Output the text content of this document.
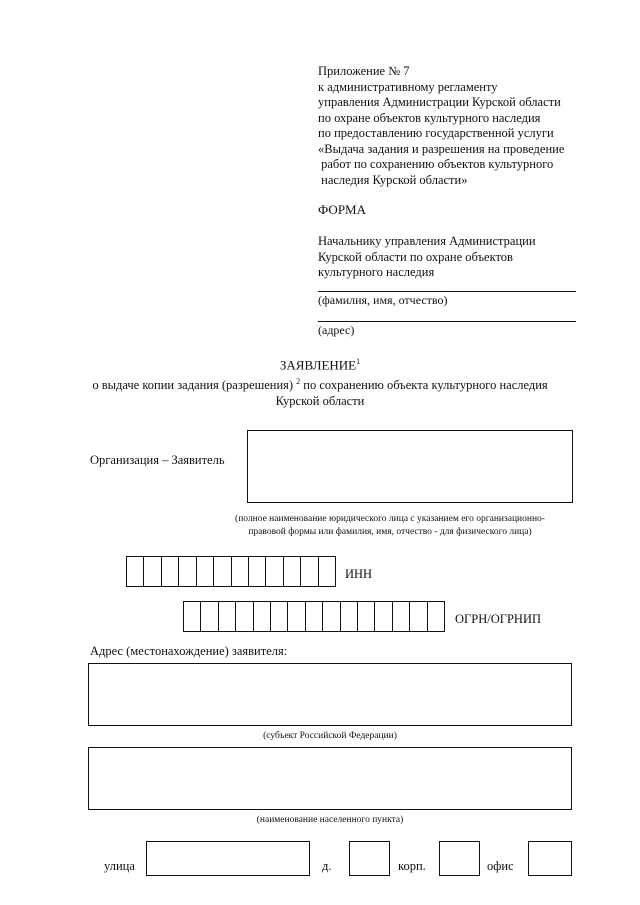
Приложение № 7
к административному регламенту
управления Администрации Курской области
по охране объектов культурного наследия
по предоставлению государственной услуги
«Выдача задания и разрешения на проведение
работ по сохранению объектов культурного
наследия Курской области»
ФОРМА
Начальнику управления Администрации
Курской области по охране объектов
культурного наследия
(фамилия, имя, отчество)
(адрес)
ЗАЯВЛЕНИЕ$^1$
о выдаче копии задания (разрешения) $^2$ по сохранению объекта культурного наследия
Курской области
Организация – Заявитель
(полное наименование юридического лица с указанием его организационно-
правовой формы или фамилия, имя, отчество - для физического лица)
ИНН
ОГРН/ОГРНИП
Адрес (местонахождение) заявителя:
(субъект Российской Федерации)
(наименование населенного пункта)
улица	д.	корп.	офис
